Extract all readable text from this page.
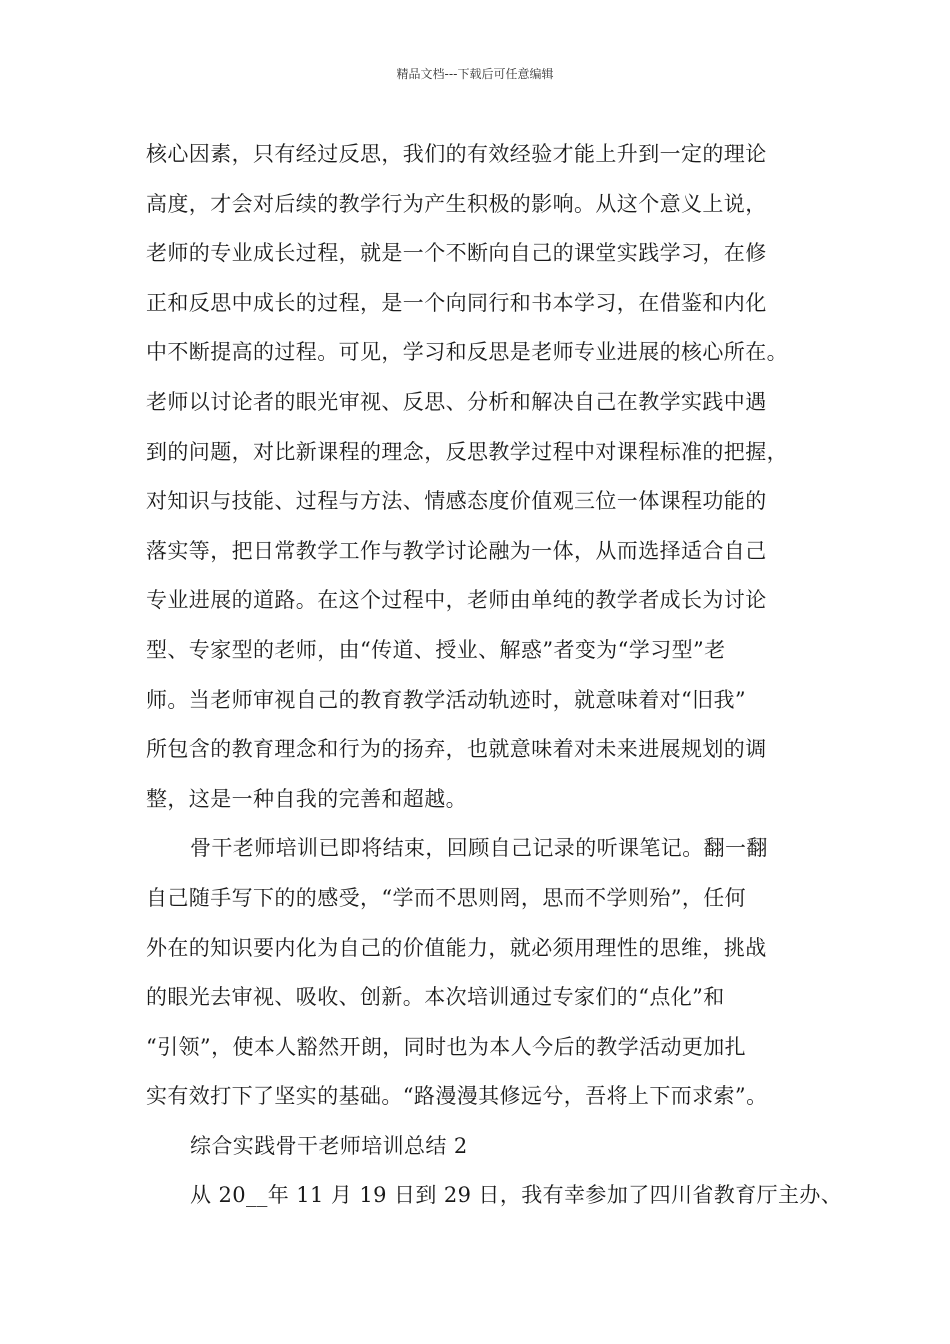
精品文档---下载后可任意编辑
核心因素，只有经过反思，我们的有效经验才能上升到一定的理论
高度，才会对后续的教学行为产生积极的影响。从这个意义上说，
老师的专业成长过程，就是一个不断向自己的课堂实践学习，在修
正和反思中成长的过程，是一个向同行和书本学习，在借鉴和内化
中不断提高的过程。可见，学习和反思是老师专业进展的核心所在。
老师以讨论者的眼光审视、反思、分析和解决自己在教学实践中遇
到的问题，对比新课程的理念，反思教学过程中对课程标准的把握，
对知识与技能、过程与方法、情感态度价值观三位一体课程功能的
落实等，把日常教学工作与教学讨论融为一体，从而选择适合自己
专业进展的道路。在这个过程中，老师由单纯的教学者成长为讨论
型、专家型的老师，由“传道、授业、解惑”者变为“学习型”老
师。当老师审视自己的教育教学活动轨迹时，就意味着对“旧我”
所包含的教育理念和行为的扬弃，也就意味着对未来进展规划的调
整，这是一种自我的完善和超越。
骨干老师培训已即将结束，回顾自己记录的听课笔记。翻一翻
自己随手写下的的感受，“学而不思则罔，思而不学则殆”，任何
外在的知识要内化为自己的价值能力，就必须用理性的思维，挑战
的眼光去审视、吸收、创新。本次培训通过专家们的“点化”和
“引领”，使本人豁然开朗，同时也为本人今后的教学活动更加扎
实有效打下了坚实的基础。“路漫漫其修远兮，吾将上下而求索”。
综合实践骨干老师培训总结 2
从 20__年 11 月 19 日到 29 日，我有幸参加了四川省教育厅主办、
